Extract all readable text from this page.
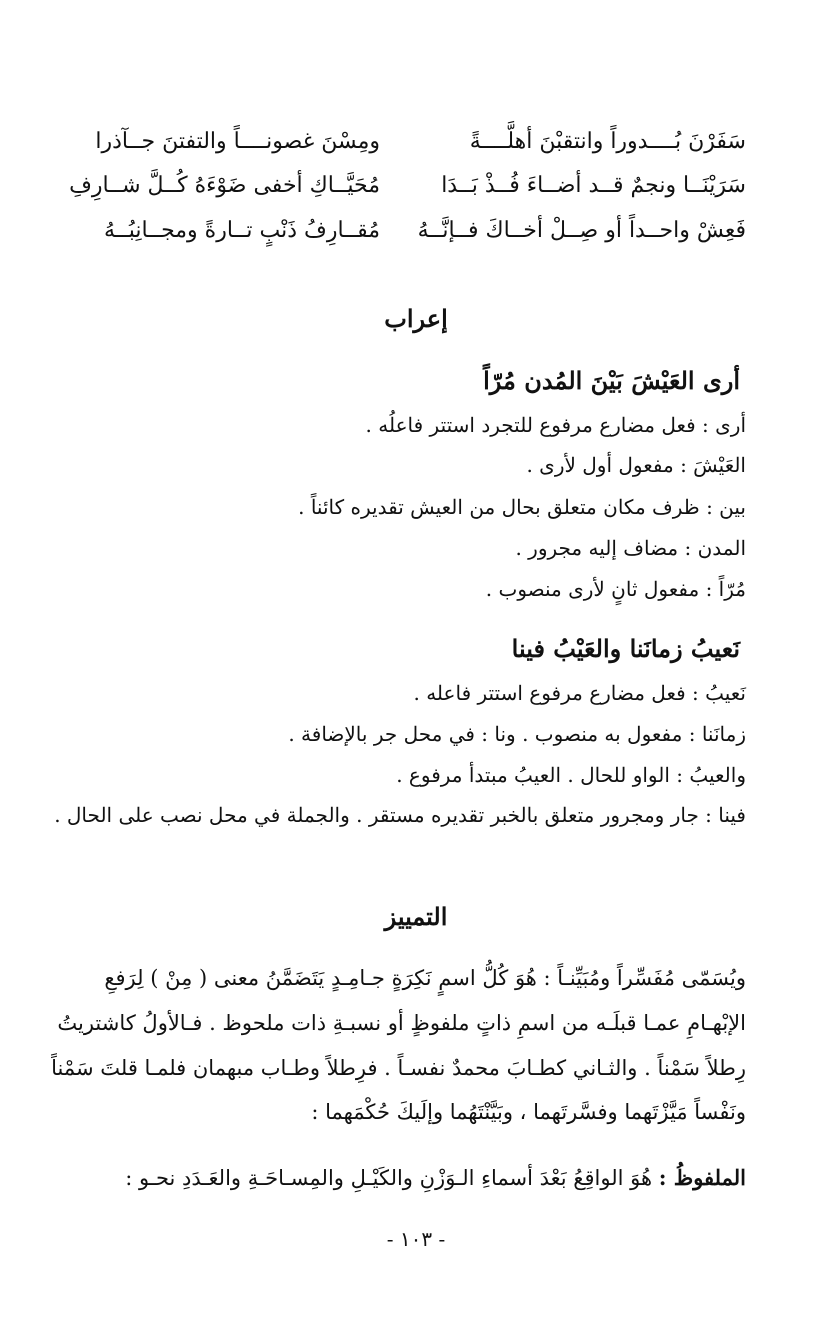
سَفَرْنَ بُــــدوراً وانتقبْنَ أهلَّــــةً
ومِسْنَ غصونــــاً والتفتنَ جــآذرا
سَرَيْنَــا ونجمٌ قــد أضــاءَ فُــذْ بَــدَا
مُحَيَّــاكِ أخفى ضَوْءَهُ كُــلَّ شــارِفِ
فَعِشْ واحــداً أو صِــلْ أخــاكَ فــإنَّــهُ
مُقــارِفُ ذَنْبٍ تــارةً ومجــانِبُــهُ
إعراب
أرى العَيْشَ بَيْنَ المُدن مُرّاً
أرى : فعل مضارع مرفوع للتجرد استتر فاعلُه .
العَيْشَ : مفعول أول لأرى .
بين : ظرف مكان متعلق بحال من العيش تقديره كائناً .
المدن : مضاف إليه مجرور .
مُرّاً : مفعول ثانٍ لأرى منصوب .
نَعيبُ زمانَنا والعَيْبُ فينا
نَعيبُ : فعل مضارع مرفوع استتر فاعله .
زمانَنا : مفعول به منصوب . ونا : في محل جر بالإضافة .
والعيبُ : الواو للحال . العيبُ مبتدأ مرفوع .
فينا : جار ومجرور متعلق بالخبر تقديره مستقر . والجملة في محل نصب على الحال .
التمييز
ويُسَمّى مُفَسِّراً ومُبَيِّنـاً : هُوَ كُلُّ اسمٍ نَكِرَةٍ جـامِـدٍ يَتَضَمَّنُ معنى ( مِنْ ) لِرَفعِ
الإبْهـامِ عمـا قبلَـه من اسمِ ذاتٍ ملفوظٍ أو نسبـةِ ذات ملحوظ . فـالأولُ كاشتريتُ
رِطلاً سَمْناً . والثـاني كطـابَ محمدٌ نفسـاً . فرِطلاً وطـاب مبهمان فلمـا قلتَ سَمْناً
ونَفْساً مَيَّزْتَهما وفسَّرتَهما ، وبَيَّنْتَهُما وإلَيكَ حُكْمَهما :
الملفوظُ : هُوَ الواقِعُ بَعْدَ أسماءِ الـوَزْنِ والكَيْـلِ والمِسـاحَـةِ والعَـدَدِ نحـو :
- ١٠٣ -
